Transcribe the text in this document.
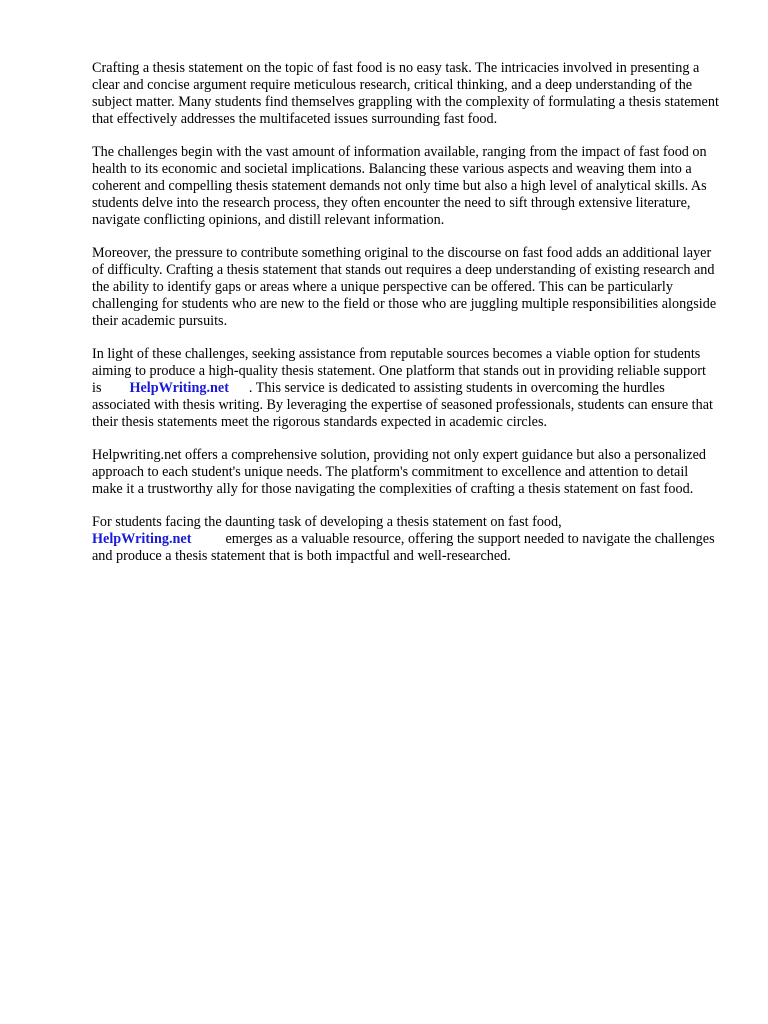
Crafting a thesis statement on the topic of fast food is no easy task. The intricacies involved in presenting a clear and concise argument require meticulous research, critical thinking, and a deep understanding of the subject matter. Many students find themselves grappling with the complexity of formulating a thesis statement that effectively addresses the multifaceted issues surrounding fast food.

The challenges begin with the vast amount of information available, ranging from the impact of fast food on health to its economic and societal implications. Balancing these various aspects and weaving them into a coherent and compelling thesis statement demands not only time but also a high level of analytical skills. As students delve into the research process, they often encounter the need to sift through extensive literature, navigate conflicting opinions, and distill relevant information.

Moreover, the pressure to contribute something original to the discourse on fast food adds an additional layer of difficulty. Crafting a thesis statement that stands out requires a deep understanding of existing research and the ability to identify gaps or areas where a unique perspective can be offered. This can be particularly challenging for students who are new to the field or those who are juggling multiple responsibilities alongside their academic pursuits.

In light of these challenges, seeking assistance from reputable sources becomes a viable option for students aiming to produce a high-quality thesis statement. One platform that stands out in providing reliable support is HelpWriting.net . This service is dedicated to assisting students in overcoming the hurdles associated with thesis writing. By leveraging the expertise of seasoned professionals, students can ensure that their thesis statements meet the rigorous standards expected in academic circles.

Helpwriting.net offers a comprehensive solution, providing not only expert guidance but also a personalized approach to each student's unique needs. The platform's commitment to excellence and attention to detail make it a trustworthy ally for those navigating the complexities of crafting a thesis statement on fast food.

For students facing the daunting task of developing a thesis statement on fast food, HelpWriting.net emerges as a valuable resource, offering the support needed to navigate the challenges and produce a thesis statement that is both impactful and well-researched.
